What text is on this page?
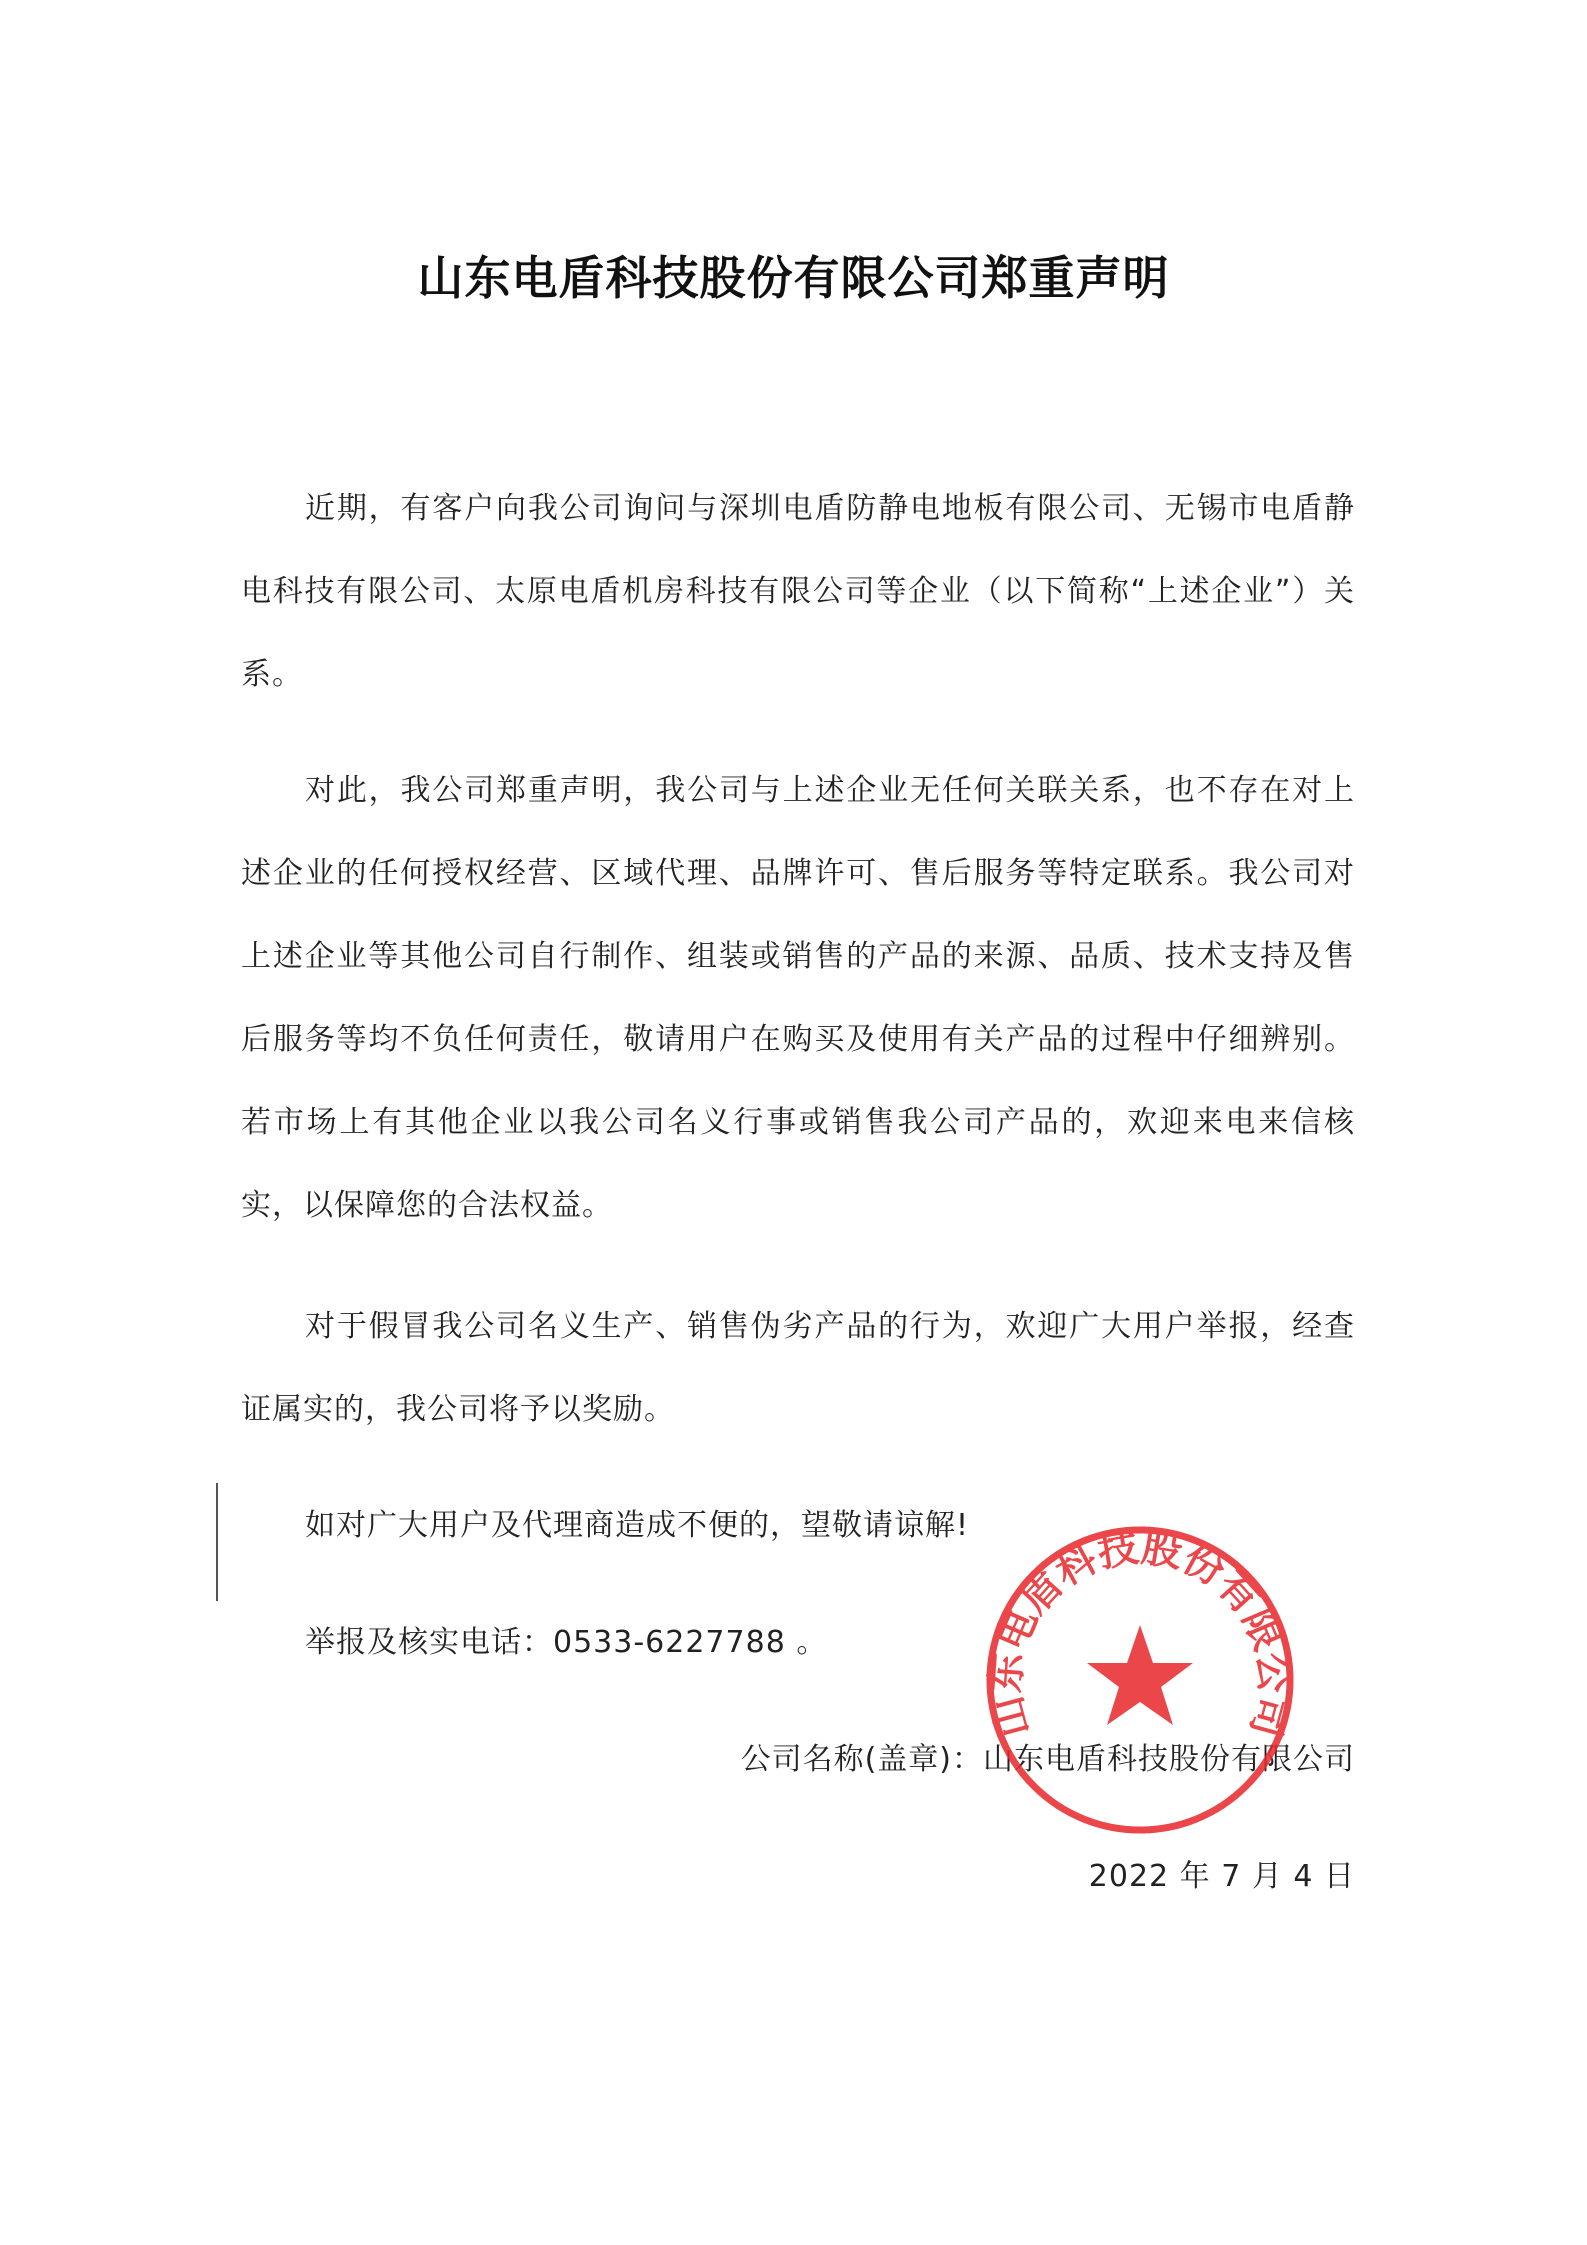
山东电盾科技股份有限公司郑重声明

近期，有客户向我公司询问与深圳电盾防静电地板有限公司、无锡市电盾静电科技有限公司、太原电盾机房科技有限公司等企业（以下简称“上述企业”）关系。

对此，我公司郑重声明，我公司与上述企业无任何关联关系，也不存在对上述企业的任何授权经营、区域代理、品牌许可、售后服务等特定联系。我公司对上述企业等其他公司自行制作、组装或销售的产品的来源、品质、技术支持及售后服务等均不负任何责任，敬请用户在购买及使用有关产品的过程中仔细辨别。若市场上有其他企业以我公司名义行事或销售我公司产品的，欢迎来电来信核实，以保障您的合法权益。

对于假冒我公司名义生产、销售伪劣产品的行为，欢迎广大用户举报，经查证属实的，我公司将予以奖励。

如对广大用户及代理商造成不便的，望敬请谅解!

举报及核实电话：0533-6227788 。

公司名称(盖章)：山东电盾科技股份有限公司
2022 年 7 月 4 日
山东电盾科技股份有限公司
